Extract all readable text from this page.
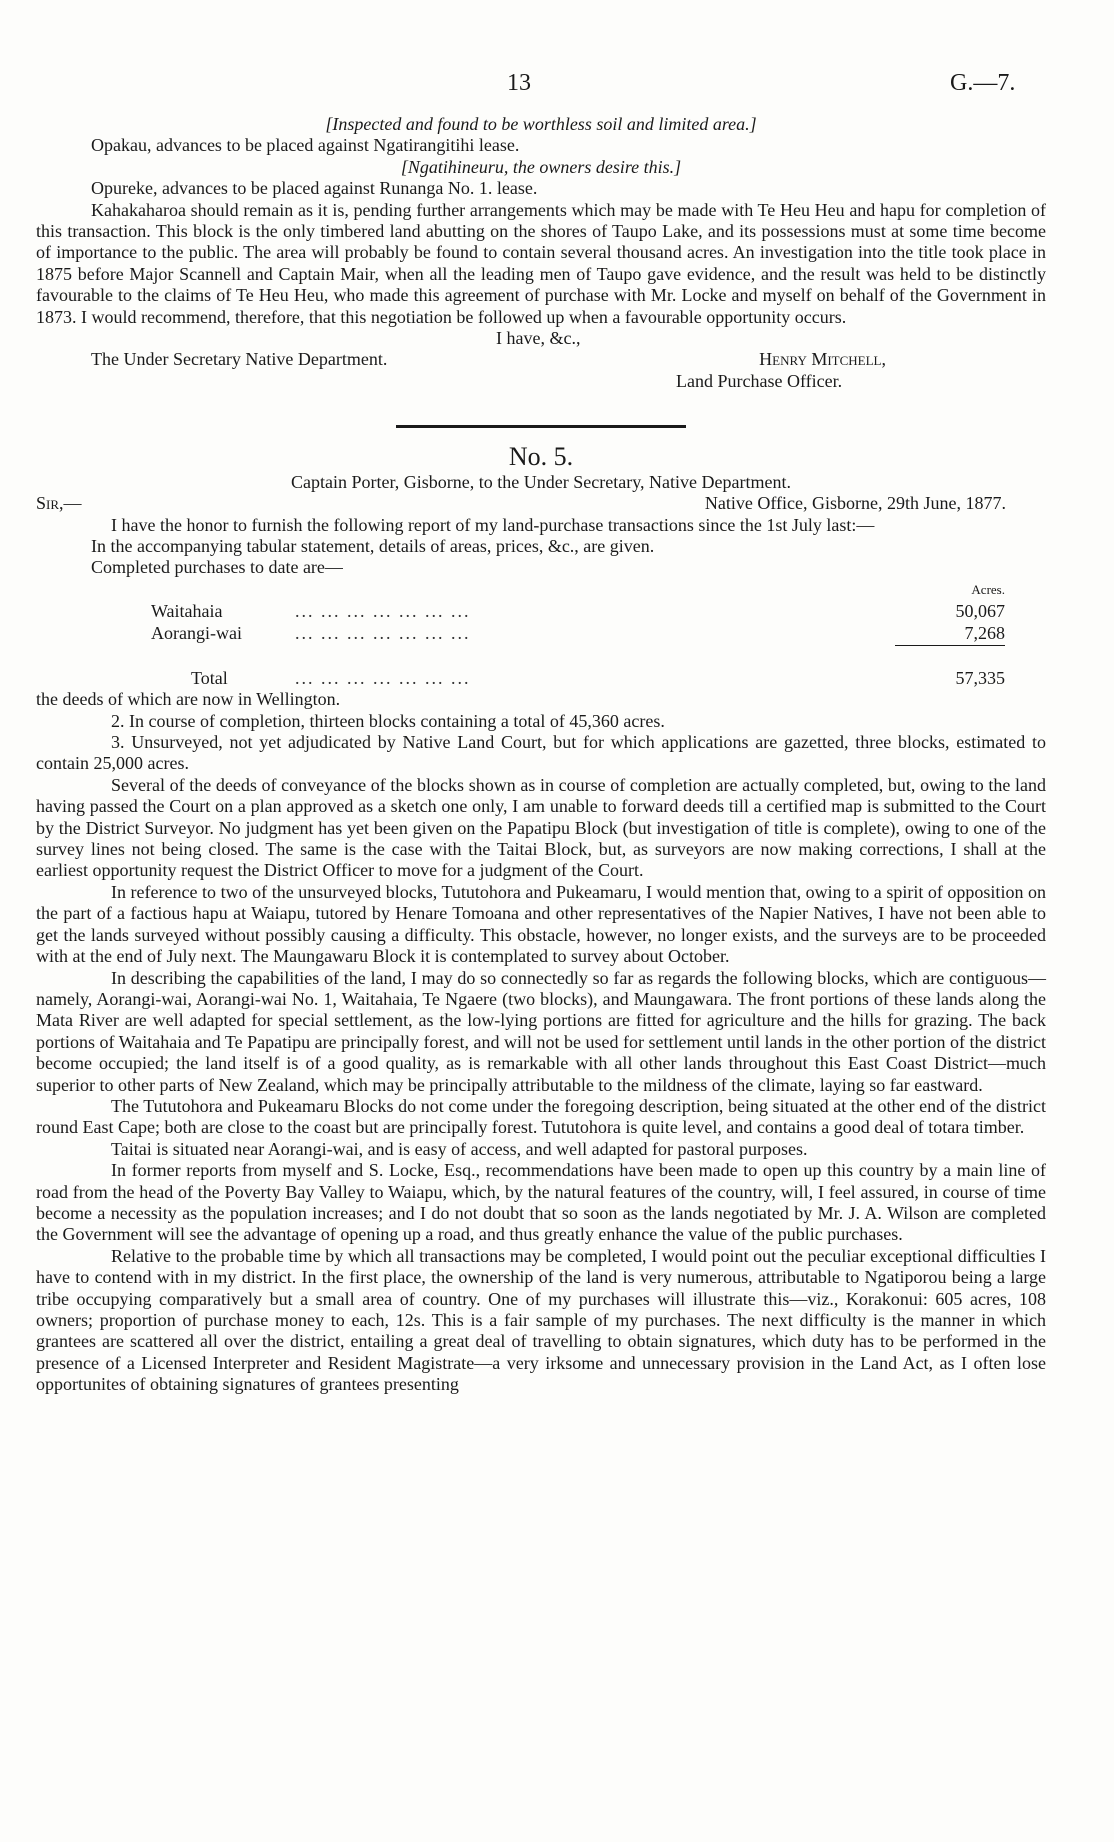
13	G.—7.
[Inspected and found to be worthless soil and limited area.]

Opakau, advances to be placed against Ngatirangitihi lease.

[Ngatihineuru, the owners desire this.]

Opureke, advances to be placed against Runanga No. 1. lease.

Kahakaharoa should remain as it is, pending further arrangements which may be made with Te Heu Heu and hapu for completion of this transaction. This block is the only timbered land abutting on the shores of Taupo Lake, and its possessions must at some time become of importance to the public. The area will probably be found to contain several thousand acres. An investigation into the title took place in 1875 before Major Scannell and Captain Mair, when all the leading men of Taupo gave evidence, and the result was held to be distinctly favourable to the claims of Te Heu Heu, who made this agreement of purchase with Mr. Locke and myself on behalf of the Government in 1873. I would recommend, therefore, that this negotiation be followed up when a favourable opportunity occurs.

I have, &c.,
The Under Secretary Native Department.	Henry Mitchell,
Land Purchase Officer.
No. 5.
Captain Porter, Gisborne, to the Under Secretary, Native Department.
Sir,—	Native Office, Gisborne, 29th June, 1877.

I have the honor to furnish the following report of my land-purchase transactions since the 1st July last:—

In the accompanying tabular statement, details of areas, prices, &c., are given.

Completed purchases to date are—

		Acres.
Waitahaia	... ... ... ... ... ... ...	50,067
Aorangi-wai	... ... ... ... ... ... ...	7,268

Total	... ... ... ... ... ... ...	57,335

the deeds of which are now in Wellington.

2. In course of completion, thirteen blocks containing a total of 45,360 acres.

3. Unsurveyed, not yet adjudicated by Native Land Court, but for which applications are gazetted, three blocks, estimated to contain 25,000 acres.

Several of the deeds of conveyance of the blocks shown as in course of completion are actually completed, but, owing to the land having passed the Court on a plan approved as a sketch one only, I am unable to forward deeds till a certified map is submitted to the Court by the District Surveyor. No judgment has yet been given on the Papatipu Block (but investigation of title is complete), owing to one of the survey lines not being closed. The same is the case with the Taitai Block, but, as surveyors are now making corrections, I shall at the earliest opportunity request the District Officer to move for a judgment of the Court.

In reference to two of the unsurveyed blocks, Tututohora and Pukeamaru, I would mention that, owing to a spirit of opposition on the part of a factious hapu at Waiapu, tutored by Henare Tomoana and other representatives of the Napier Natives, I have not been able to get the lands surveyed without possibly causing a difficulty. This obstacle, however, no longer exists, and the surveys are to be proceeded with at the end of July next. The Maungawaru Block it is contemplated to survey about October.

In describing the capabilities of the land, I may do so connectedly so far as regards the following blocks, which are contiguous—namely, Aorangi-wai, Aorangi-wai No. 1, Waitahaia, Te Ngaere (two blocks), and Maungawara. The front portions of these lands along the Mata River are well adapted for special settlement, as the low-lying portions are fitted for agriculture and the hills for grazing. The back portions of Waitahaia and Te Papatipu are principally forest, and will not be used for settlement until lands in the other portion of the district become occupied; the land itself is of a good quality, as is remarkable with all other lands throughout this East Coast District—much superior to other parts of New Zealand, which may be principally attributable to the mildness of the climate, laying so far eastward.

The Tututohora and Pukeamaru Blocks do not come under the foregoing description, being situated at the other end of the district round East Cape; both are close to the coast but are principally forest. Tututohora is quite level, and contains a good deal of totara timber.

Taitai is situated near Aorangi-wai, and is easy of access, and well adapted for pastoral purposes.

In former reports from myself and S. Locke, Esq., recommendations have been made to open up this country by a main line of road from the head of the Poverty Bay Valley to Waiapu, which, by the natural features of the country, will, I feel assured, in course of time become a necessity as the population increases; and I do not doubt that so soon as the lands negotiated by Mr. J. A. Wilson are completed the Government will see the advantage of opening up a road, and thus greatly enhance the value of the public purchases.

Relative to the probable time by which all transactions may be completed, I would point out the peculiar exceptional difficulties I have to contend with in my district. In the first place, the ownership of the land is very numerous, attributable to Ngatiporou being a large tribe occupying comparatively but a small area of country. One of my purchases will illustrate this—viz., Korakonui: 605 acres, 108 owners; proportion of purchase money to each, 12s. This is a fair sample of my purchases. The next difficulty is the manner in which grantees are scattered all over the district, entailing a great deal of travelling to obtain signatures, which duty has to be performed in the presence of a Licensed Interpreter and Resident Magistrate—a very irksome and unnecessary provision in the Land Act, as I often lose opportunites of obtaining signatures of grantees presenting
